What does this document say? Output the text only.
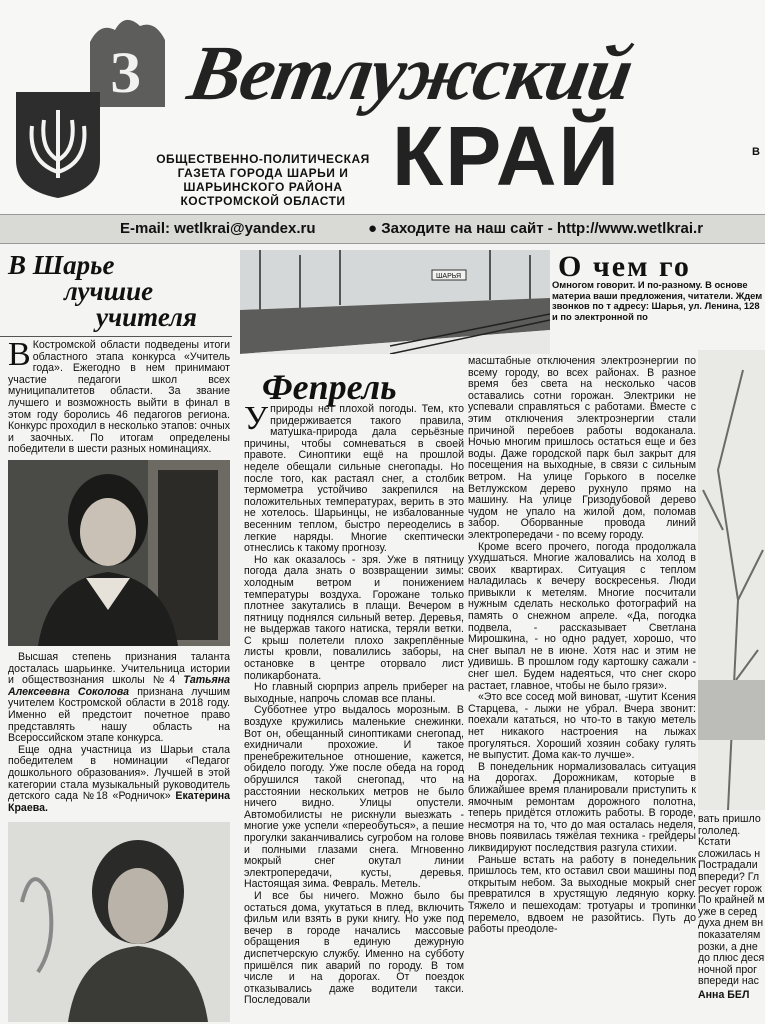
З Ветлужский
КРАЙ
ОБЩЕСТВЕННО-ПОЛИТИЧЕСКАЯ ГАЗЕТА ГОРОДА ШАРЬИ И ШАРЬИНСКОГО РАЙОНА КОСТРОМСКОЙ ОБЛАСТИ
В
E-mail: wetlkrai@yandex.ru	● Заходите на наш сайт - http://www.wetlkrai.r
В Шарье
лучшие
учителя
В Костромской области подведены итоги областного этапа конкурса «Учитель года». Ежегодно в нем принимают участие педагоги школ всех муниципалитетов области. За звание лучшего и возможность выйти в финал в этом году боролись 46 педагогов региона. Конкурс проходил в несколько этапов: очных и заочных. По итогам определены победители в шести разных номинациях.

Высшая степень признания таланта досталась шарьинке. Учительница истории и обществознания школы №4 Татьяна Алексеевна Соколова признана лучшим учителем Костромской области в 2018 году. Именно ей предстоит почетное право представлять нашу область на Всероссийском этапе конкурса.

Еще одна участница из Шарьи стала победителем в номинации «Педагог дошкольного образования». Лучшей в этой категории стала музыкальный руководитель детского сада №18 «Родничок» Екатерина Краева.

ШАРЬЯ	О чем го
Омногом говорит. И по-разному. В основе материа ваши предложения, читатели. Ждем звонков по т адресу: Шарья, ул. Ленина, 128 и по электронной по
Фепрель

У природы нет плохой погоды. Тем, кто придерживается такого правила, матушка-природа дала серьёзные причины, чтобы сомневаться в своей правоте. Синоптики ещё на прошлой неделе обещали сильные снегопады. Но после того, как растаял снег, а столбик термометра устойчиво закрепился на положительных температурах, верить в это не хотелось. Шарьинцы, не избалованные весенним теплом, быстро переоделись в легкие наряды. Многие скептически отнеслись к такому прогнозу.

Но как оказалось - зря. Уже в пятницу погода дала знать о возвращении зимы: холодным ветром и понижением температуры воздуха. Горожане только плотнее закутались в плащи. Вечером в пятницу поднялся сильный ветер. Деревья, не выдержав такого натиска, теряли ветки. С крыш полетели плохо закреплённые листы кровли, повалились заборы, на остановке в центре оторвало лист поликарбоната.

Но главный сюрприз апрель приберег на выходные, напрочь сломав все планы.

Субботнее утро выдалось морозным. В воздухе кружились маленькие снежинки. Вот он, обещанный синоптиками снегопад, ехидничали прохожие. И такое пренебрежительное отношение, кажется, обидело погоду. Уже после обеда на город обрушился такой снегопад, что на расстоянии нескольких метров не было ничего видно. Улицы опустели. Автомобилисты не рискнули выезжать - многие уже успели «переобуться», а пешие прогулки заканчивались сугробом на голове и полными глазами снега. Мгновенно мокрый снег окутал линии электропередачи, кусты, деревья. Настоящая зима. Февраль. Метель.

И все бы ничего. Можно было бы остаться дома, укутаться в плед, включить фильм или взять в руки книгу. Но уже под вечер в городе начались массовые обращения в единую дежурную диспетчерскую службу. Именно на субботу пришёлся пик аварий по городу. В том числе и на дорогах. От поездок отказывались даже водители такси. Последовали

масштабные отключения электроэнергии по всему городу, во всех районах. В разное время без света на несколько часов оставались сотни горожан. Электрики не успевали справляться с работами. Вместе с этим отключения электроэнергии стали причиной перебоев работы водоканала. Ночью многим пришлось остаться еще и без воды. Даже городской парк был закрыт для посещения на выходные, в связи с сильным ветром. На улице Горького в поселке Ветлужском дерево рухнуло прямо на машину. На улице Гризодубовой дерево чудом не упало на жилой дом, поломав забор. Оборванные провода линий электропередачи - по всему городу.

Кроме всего прочего, погода продолжала ухудшаться. Многие жаловались на холод в своих квартирах. Ситуация с теплом наладилась к вечеру воскресенья. Люди привыкли к метелям. Многие посчитали нужным сделать несколько фотографий на память о снежном апреле. «Да, погодка подвела, - рассказывает Светлана Мирошкина, - но одно радует, хорошо, что снег выпал не в июне. Хотя нас и этим не удивишь. В прошлом году картошку сажали - снег шел. Будем надеяться, что снег скоро растает, главное, чтобы не было грязи».

«Это все сосед мой виноват, -шутит Ксения Старцева, - лыжи не убрал. Вчера звонит: поехали кататься, но что-то в такую метель нет никакого настроения на лыжах прогуляться. Хороший хозяин собаку гулять не выпустит. Дома как-то лучше».

В понедельник нормализовалась ситуация на дорогах. Дорожникам, которые в ближайшее время планировали приступить к ямочным ремонтам дорожного полотна, теперь придётся отложить работы. В городе, несмотря на то, что до мая осталась неделя, вновь появилась тяжёлая техника - грейдеры ликвидируют последствия разгула стихии.

Раньше встать на работу в понедельник пришлось тем, кто оставил свои машины под открытым небом. За выходные мокрый снег превратился в хрустящую ледяную корку. Тяжело и пешеходам: тротуары и тропинки перемело, вдвоем не разойтись. Путь до работы преодоле-

вать пришло
гололед.
Кстати
сложилась н
Пострадали
впереди? Гл
ресует горож
По крайней м
уже в серед
духа днем вн
показателям
розки, а дне
до плюс деся
ночной прог
впереди нас
Анна БЕЛ
